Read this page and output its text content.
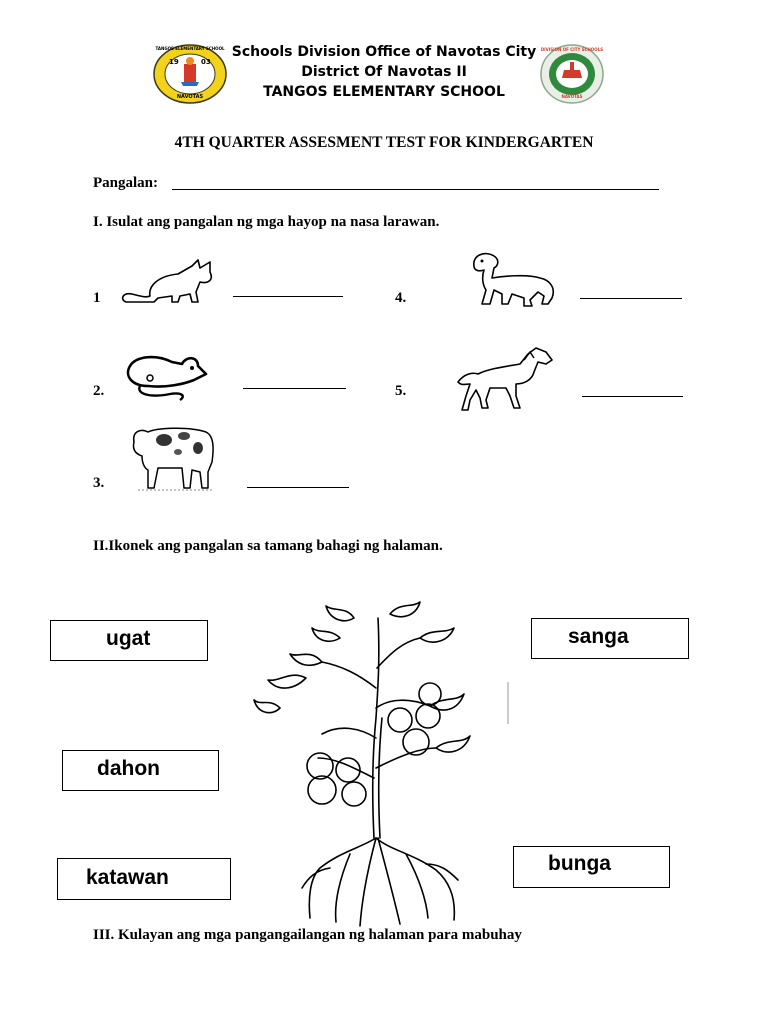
TANGOS ELEMENTARY SCHOOL
19	03
NAVOTAS
Schools Division Office of Navotas City
District Of Navotas II
TANGOS ELEMENTARY SCHOOL
DIVISION OF CITY SCHOOLS
NAVOTAS
4TH QUARTER ASSESMENT TEST FOR KINDERGARTEN
Pangalan:
I. Isulat ang pangalan ng mga hayop na nasa larawan.
1	4.
2.	5.
3.
II.Ikonek ang pangalan sa tamang bahagi ng halaman.
ugat	sanga
dahon
katawan
bunga
III. Kulayan ang mga pangangailangan ng halaman para mabuhay
